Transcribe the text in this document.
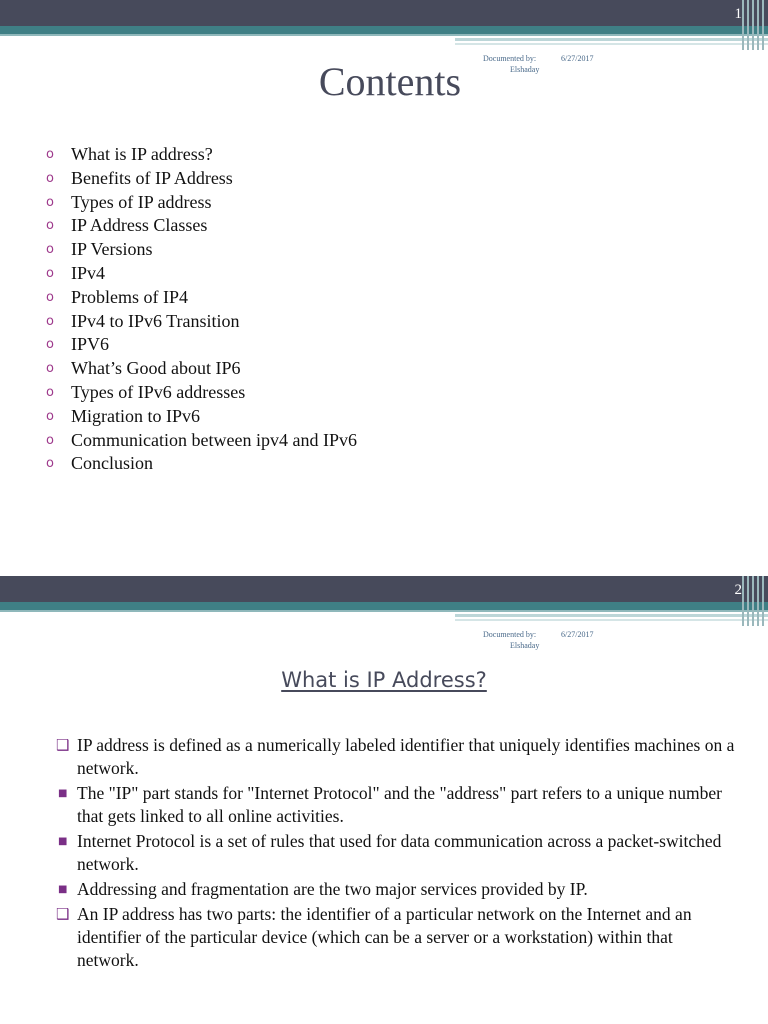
1
Documented by:
Elshaday
6/27/2017
Contents
o What is IP address?
o Benefits of IP Address
o Types of IP address
o IP Address Classes
o IP Versions
o IPv4
o Problems of IP4
o IPv4 to IPv6 Transition
o IPV6
o What’s Good about IP6
o Types of IPv6 addresses
o Migration to IPv6
o Communication between ipv4 and IPv6
o Conclusion
2
Documented by:
Elshaday
6/27/2017
What is IP Address?
❑ IP address is defined as a numerically labeled identifier that uniquely identifies machines on a network.
■ The "IP" part stands for "Internet Protocol" and the "address" part refers to a unique number that gets linked to all online activities.
■ Internet Protocol is a set of rules that used for data communication across a packet-switched network.
■ Addressing and fragmentation are the two major services provided by IP.
❑ An IP address has two parts: the identifier of a particular network on the Internet and an identifier of the particular device (which can be a server or a workstation) within that network.
